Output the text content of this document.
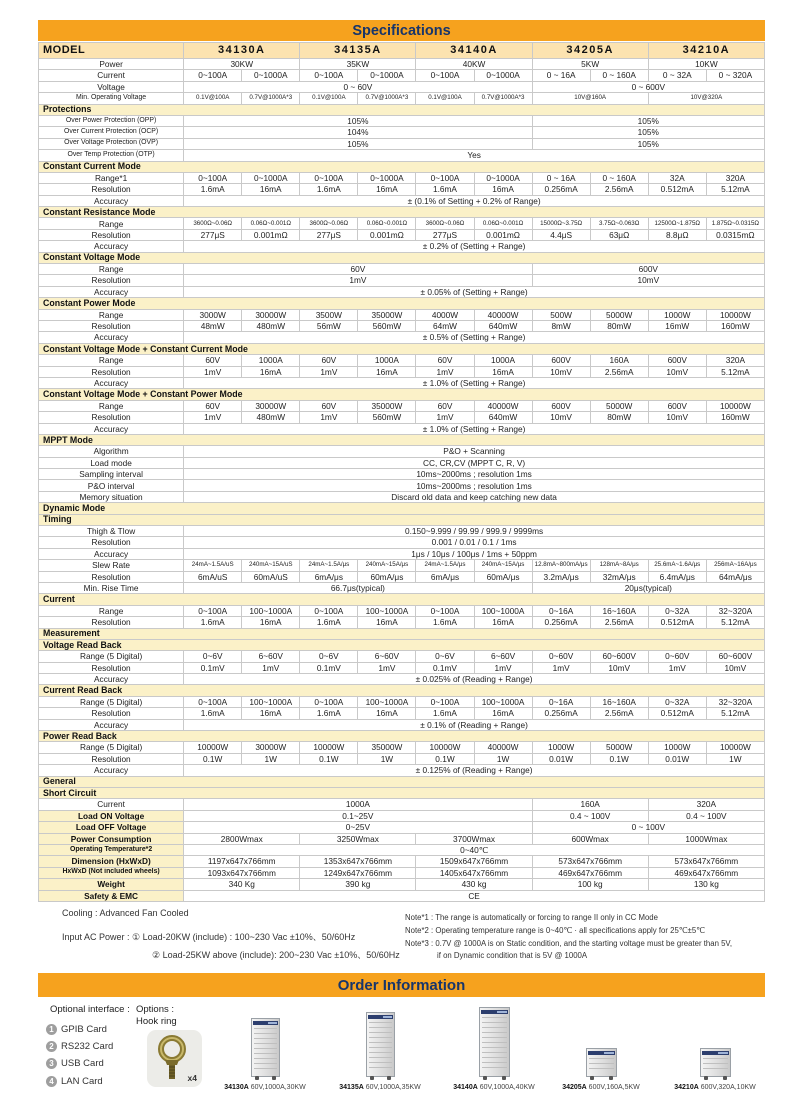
Specifications
MODEL	34130A		34135A		34140A		34205A		34210A	
Power	30KW		35KW		40KW		5KW		10KW	
Current	0~100A	0~1000A	0~100A	0~1000A	0~100A	0~1000A	0 ~ 16A	0 ~ 160A	0 ~ 32A	0 ~ 320A
Voltage	0 ~ 60V						0 ~ 600V			
Min. Operating Voltage	0.1V@100A	0.7V@1000A*3	0.1V@100A	0.7V@1000A*3	0.1V@100A	0.7V@1000A*3	10V@160A		10V@320A	
Protections										
Over Power Protection (OPP)	105%						105%			
Over Current Protection (OCP)	104%						105%			
Over Voltage Protection (OVP)	105%						105%			
Over Temp Protection (OTP)	Yes									
Constant Current Mode										
Range*1	0~100A	0~1000A	0~100A	0~1000A	0~100A	0~1000A	0 ~ 16A	0 ~ 160A	32A	320A
Resolution	1.6mA	16mA	1.6mA	16mA	1.6mA	16mA	0.256mA	2.56mA	0.512mA	5.12mA
Accuracy	± (0.1% of Setting + 0.2% of Range)									
Constant Resistance Mode										
Range	3600Ω~0.06Ω	0.06Ω~0.001Ω	3600Ω~0.06Ω	0.06Ω~0.001Ω	3600Ω~0.06Ω	0.06Ω~0.001Ω	15000Ω~3.75Ω	3.75Ω~0.063Ω	12500Ω~1.875Ω	1.875Ω~0.0315Ω
Resolution	277μS	0.001mΩ	277μS	0.001mΩ	277μS	0.001mΩ	4.4μS	63μΩ	8.8μΩ	0.0315mΩ
Accuracy	± 0.2% of (Setting + Range)									
Constant Voltage Mode										
Range	60V						600V			
Resolution	1mV						10mV			
Accuracy	± 0.05% of (Setting + Range)									
Constant Power Mode										
Range	3000W	30000W	3500W	35000W	4000W	40000W	500W	5000W	1000W	10000W
Resolution	48mW	480mW	56mW	560mW	64mW	640mW	8mW	80mW	16mW	160mW
Accuracy	± 0.5% of (Setting + Range)									
Constant Voltage Mode + Constant Current Mode										
Range	60V	1000A	60V	1000A	60V	1000A	600V	160A	600V	320A
Resolution	1mV	16mA	1mV	16mA	1mV	16mA	10mV	2.56mA	10mV	5.12mA
Accuracy	± 1.0% of (Setting + Range)									
Constant Voltage Mode + Constant Power Mode										
Range	60V	30000W	60V	35000W	60V	40000W	600V	5000W	600V	10000W
Resolution	1mV	480mW	1mV	560mW	1mV	640mW	10mV	80mW	10mV	160mW
Accuracy	± 1.0% of (Setting + Range)									
MPPT Mode										
Algorithm	P&O + Scanning									
Load mode	CC, CR,CV (MPPT C, R, V)									
Sampling interval	10ms~2000ms ; resolution 1ms									
P&O interval	10ms~2000ms ; resolution 1ms									
Memory situation	Discard old data and keep catching new data									
Dynamic Mode										
Timing										
Thigh & Tlow	0.150~9.999 / 99.99 / 999.9 / 9999ms									
Resolution	0.001 / 0.01 / 0.1 / 1ms									
Accuracy	1μs / 10μs / 100μs / 1ms + 50ppm									
Slew Rate	24mA~1.5A/uS	240mA~15A/uS	24mA~1.5A/μs	240mA~15A/μs	24mA~1.5A/μs	240mA~15A/μs	12.8mA~800mA/μs	128mA~8A/μs	25.6mA~1.6A/μs	256mA~16A/μs
Resolution	6mA/uS	60mA/uS	6mA/μs	60mA/μs	6mA/μs	60mA/μs	3.2mA/μs	32mA/μs	6.4mA/μs	64mA/μs
Min. Rise Time	66.7μs(typical)						20μs(typical)			
Current										
Range	0~100A	100~1000A	0~100A	100~1000A	0~100A	100~1000A	0~16A	16~160A	0~32A	32~320A
Resolution	1.6mA	16mA	1.6mA	16mA	1.6mA	16mA	0.256mA	2.56mA	0.512mA	5.12mA
Measurement										
Voltage Read Back										
Range (5 Digital)	0~6V	6~60V	0~6V	6~60V	0~6V	6~60V	0~60V	60~600V	0~60V	60~600V
Resolution	0.1mV	1mV	0.1mV	1mV	0.1mV	1mV	1mV	10mV	1mV	10mV
Accuracy	± 0.025% of (Reading + Range)									
Current Read Back										
Range (5 Digital)	0~100A	100~1000A	0~100A	100~1000A	0~100A	100~1000A	0~16A	16~160A	0~32A	32~320A
Resolution	1.6mA	16mA	1.6mA	16mA	1.6mA	16mA	0.256mA	2.56mA	0.512mA	5.12mA
Accuracy	± 0.1% of (Reading + Range)									
Power Read Back										
Range (5 Digital)	10000W	30000W	10000W	35000W	10000W	40000W	1000W	5000W	1000W	10000W
Resolution	0.1W	1W	0.1W	1W	0.1W	1W	0.01W	0.1W	0.01W	1W
Accuracy	± 0.125% of (Reading + Range)									
General										
Short Circuit										
Current	1000A						160A		320A	
Load ON Voltage	0.1~25V						0.4 ~ 100V		0.4 ~ 100V	
Load OFF Voltage	0~25V						0 ~ 100V			
Power Consumption	2800Wmax		3250Wmax		3700Wmax		600Wmax		1000Wmax	
Operating Temperature*2	0~40℃									
Dimension (HxWxD)	1197x647x766mm		1353x647x766mm		1509x647x766mm		573x647x766mm		573x647x766mm	
HxWxD (Not included wheels)	1093x647x766mm		1249x647x766mm		1405x647x766mm		469x647x766mm		469x647x766mm	
Weight	340 Kg		390 kg		430 kg		100 kg		130 kg	
Safety & EMC	CE									
Cooling : Advanced Fan Cooled
Input AC Power : ① Load-20KW (include) : 100~230 Vac ±10%、50/60Hz
② Load-25KW above (include): 200~230 Vac ±10%、50/60Hz
Note*1 : The range is automatically or forcing to range II only in CC Mode
Note*2 : Operating temperature range is 0~40℃ · all specifications apply for 25℃±5℃
Note*3 : 0.7V @ 1000A is on Static condition, and the starting voltage must be greater than 5V,
if on Dynamic condition that is 5V @ 1000A
Order Information
Optional interface : Options :
Hook ring
1 GPIB Card
2 RS232 Card
3 USB Card
4 LAN Card	x4
34130A 60V,1000A,30KW	34135A 60V,1000A,35KW	34140A 60V,1000A,40KW	34205A 600V,160A,5KW	34210A 600V,320A,10KW
